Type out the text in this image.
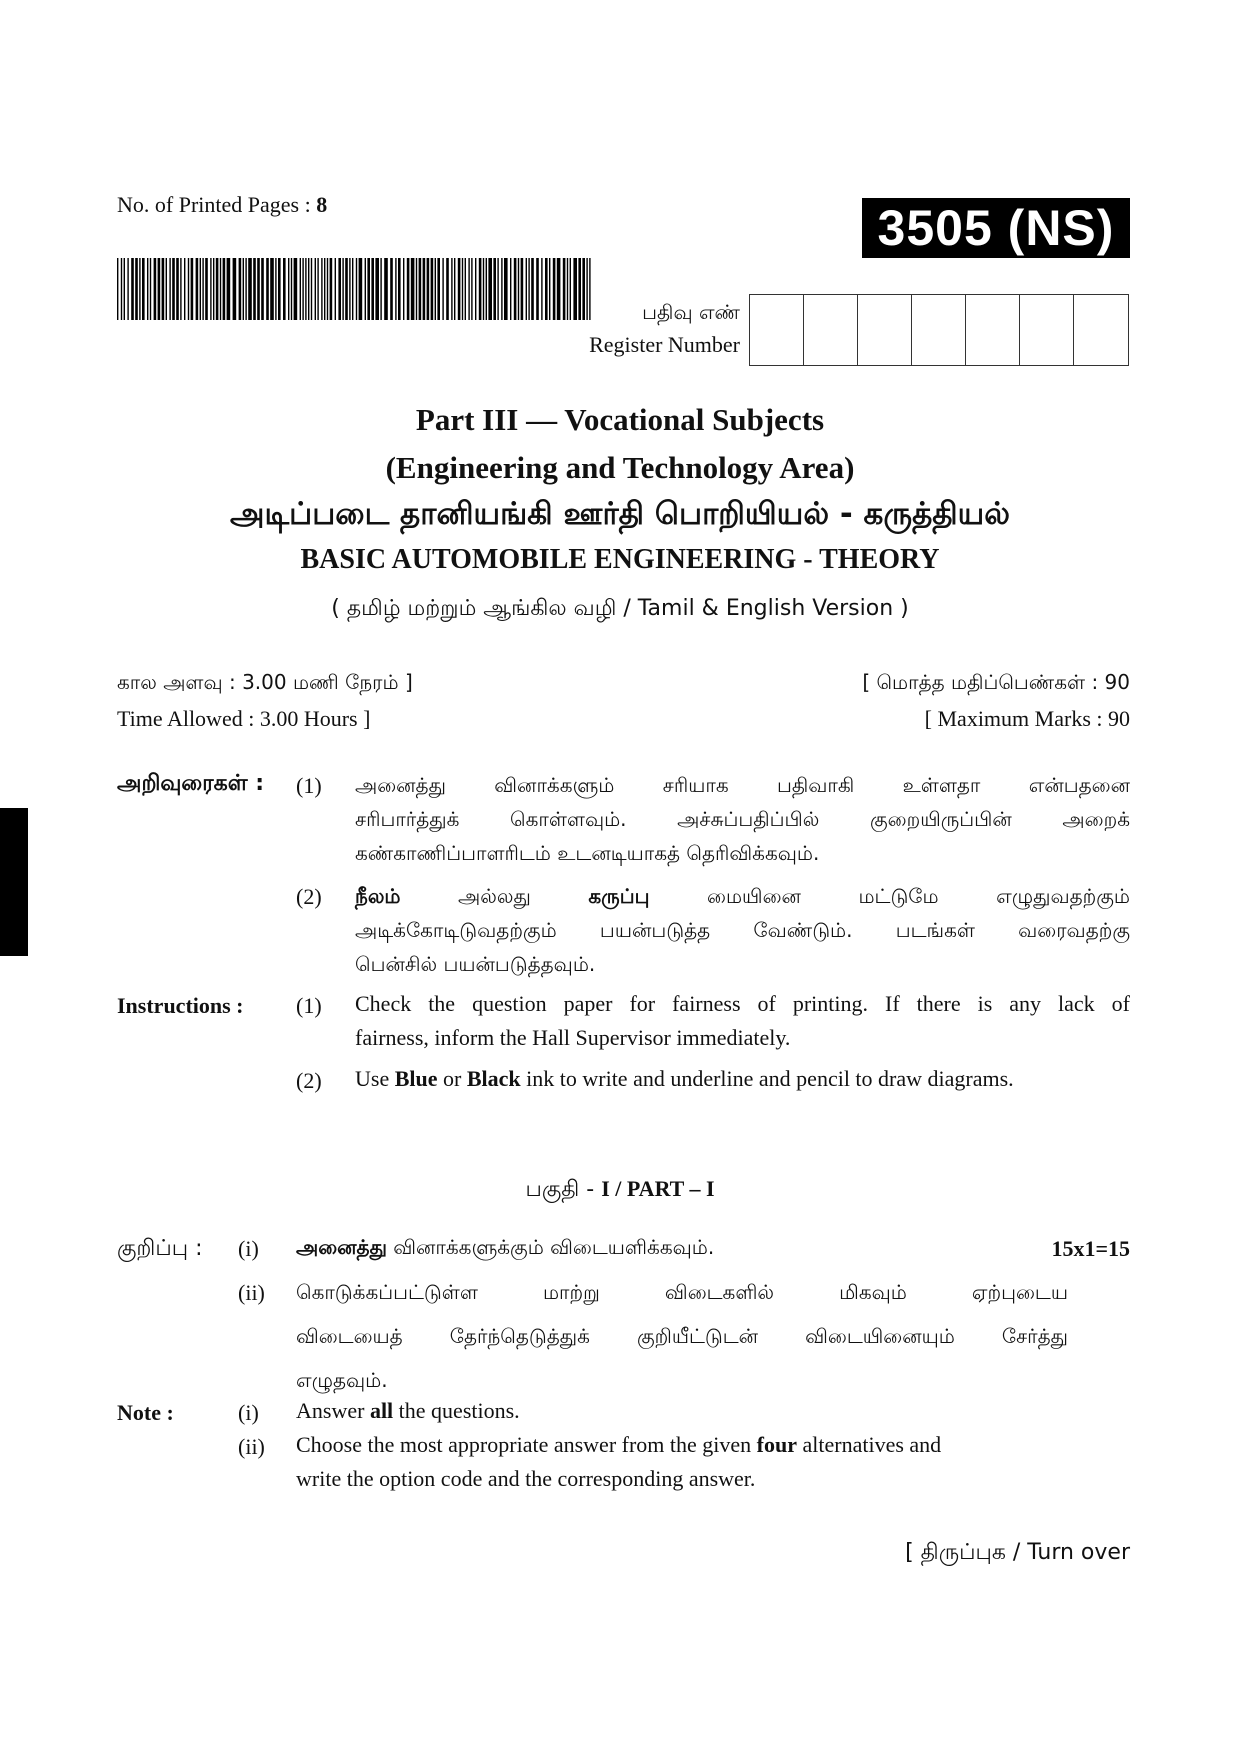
No. of Printed Pages : 8	3505 (NS)
பதிவு எண்
Register Number
Part III — Vocational Subjects
(Engineering and Technology Area)
அடிப்படை தானியங்கி ஊர்தி பொறியியல் - கருத்தியல்
BASIC AUTOMOBILE ENGINEERING - THEORY
( தமிழ் மற்றும் ஆங்கில வழி / Tamil & English Version )
கால அளவு : 3.00 மணி நேரம் ]
Time Allowed : 3.00 Hours ]
[ மொத்த மதிப்பெண்கள் : 90
[ Maximum Marks : 90
அறிவுரைகள் : (1) அனைத்து வினாக்களும் சரியாக பதிவாகி உள்ளதா என்பதனை
சரிபார்த்துக் கொள்ளவும். அச்சுப்பதிப்பில் குறையிருப்பின் அறைக்
கண்காணிப்பாளரிடம் உடனடியாகத் தெரிவிக்கவும்.
(2) நீலம் அல்லது கருப்பு மையினை மட்டுமே எழுதுவதற்கும்
அடிக்கோடிடுவதற்கும் பயன்படுத்த வேண்டும். படங்கள் வரைவதற்கு
பென்சில் பயன்படுத்தவும்.
Instructions : (1) Check the question paper for fairness of printing. If there is any lack of
fairness, inform the Hall Supervisor immediately.
(2) Use Blue or Black ink to write and underline and pencil to draw diagrams.
பகுதி - I / PART – I
குறிப்பு : (i) அனைத்து வினாக்களுக்கும் விடையளிக்கவும்.	15x1=15
(ii) கொடுக்கப்பட்டுள்ள மாற்று விடைகளில் மிகவும் ஏற்புடைய
விடையைத் தேர்ந்தெடுத்துக் குறியீட்டுடன் விடையினையும் சேர்த்து
எழுதவும்.
Note :	(i) Answer all the questions.
(ii) Choose the most appropriate answer from the given four alternatives and
write the option code and the corresponding answer.
[ திருப்புக / Turn over
